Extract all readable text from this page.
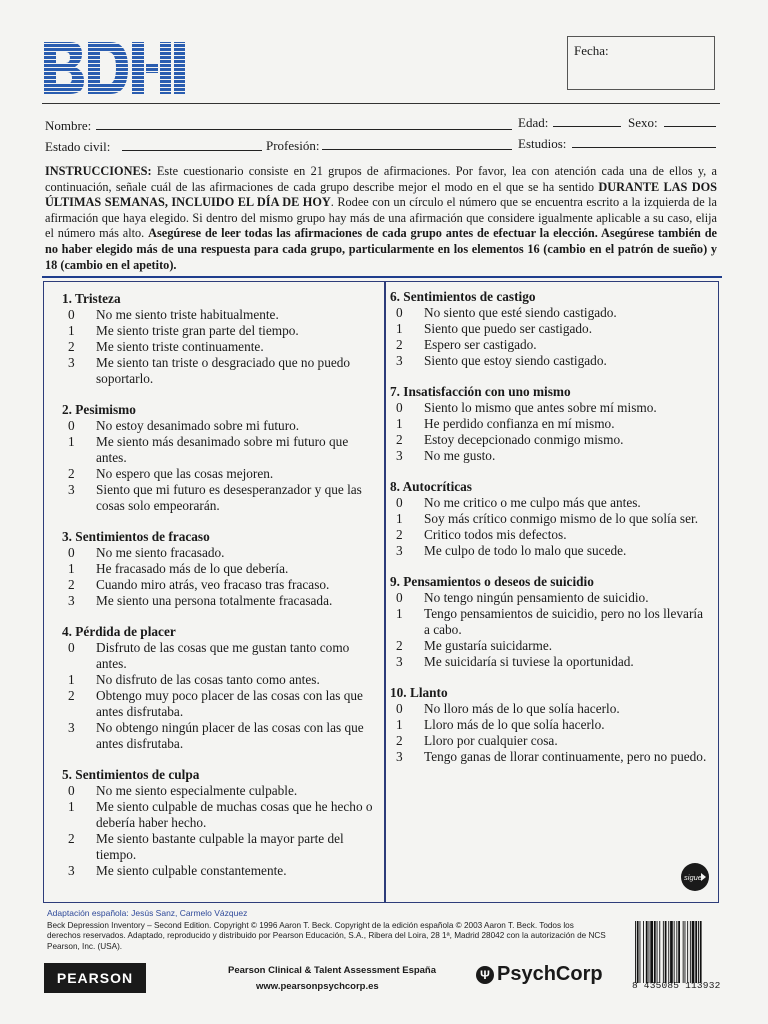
Fecha:
Nombre:	Edad:	Sexo:
Estado civil:	Profesión:	Estudios:
INSTRUCCIONES: Este cuestionario consiste en 21 grupos de afirmaciones. Por favor, lea con atención cada una de ellos y, a continuación, señale cuál de las afirmaciones de cada grupo describe mejor el modo en el que se ha sentido DURANTE LAS DOS ÚLTIMAS SEMANAS, INCLUIDO EL DÍA DE HOY. Rodee con un círculo el número que se encuentra escrito a la izquierda de la afirmación que haya elegido. Si dentro del mismo grupo hay más de una afirmación que considere igualmente aplicable a su caso, elija el número más alto. Asegúrese de leer todas las afirmaciones de cada grupo antes de efectuar la elección. Asegúrese también de no haber elegido más de una respuesta para cada grupo, particularmente en los elementos 16 (cambio en el patrón de sueño) y 18 (cambio en el apetito).
1. Tristeza
0	No me siento triste habitualmente.
1	Me siento triste gran parte del tiempo.
2	Me siento triste continuamente.
3	Me siento tan triste o desgraciado que no puedo soportarlo.
2. Pesimismo
0	No estoy desanimado sobre mi futuro.
1	Me siento más desanimado sobre mi futuro que antes.
2	No espero que las cosas mejoren.
3	Siento que mi futuro es desesperanzador y que las cosas solo empeorarán.
3. Sentimientos de fracaso
0	No me siento fracasado.
1	He fracasado más de lo que debería.
2	Cuando miro atrás, veo fracaso tras fracaso.
3	Me siento una persona totalmente fracasada.
4. Pérdida de placer
0	Disfruto de las cosas que me gustan tanto como antes.
1	No disfruto de las cosas tanto como antes.
2	Obtengo muy poco placer de las cosas con las que antes disfrutaba.
3	No obtengo ningún placer de las cosas con las que antes disfrutaba.
5. Sentimientos de culpa
0	No me siento especialmente culpable.
1	Me siento culpable de muchas cosas que he hecho o debería haber hecho.
2	Me siento bastante culpable la mayor parte del tiempo.
3	Me siento culpable constantemente.
6. Sentimientos de castigo
0	No siento que esté siendo castigado.
1	Siento que puedo ser castigado.
2	Espero ser castigado.
3	Siento que estoy siendo castigado.
7. Insatisfacción con uno mismo
0	Siento lo mismo que antes sobre mí mismo.
1	He perdido confianza en mí mismo.
2	Estoy decepcionado conmigo mismo.
3	No me gusto.
8. Autocríticas
0	No me critico o me culpo más que antes.
1	Soy más crítico conmigo mismo de lo que solía ser.
2	Critico todos mis defectos.
3	Me culpo de todo lo malo que sucede.
9. Pensamientos o deseos de suicidio
0	No tengo ningún pensamiento de suicidio.
1	Tengo pensamientos de suicidio, pero no los llevaría a cabo.
2	Me gustaría suicidarme.
3	Me suicidaría si tuviese la oportunidad.
10. Llanto
0	No lloro más de lo que solía hacerlo.
1	Lloro más de lo que solía hacerlo.
2	Lloro por cualquier cosa.
3	Tengo ganas de llorar continuamente, pero no puedo.
sigue
Adaptación española: Jesús Sanz, Carmelo Vázquez
Beck Depression Inventory – Second Edition. Copyright © 1996 Aaron T. Beck. Copyright de la edición española © 2003 Aaron T. Beck. Todos los derechos reservados. Adaptado, reproducido y distribuido por Pearson Educación, S.A., Ribera del Loira, 28 1ª, Madrid 28042 con la autorización de NCS Pearson, Inc. (USA).
PEARSON	Pearson Clinical & Talent Assessment España
www.pearsonpsychcorp.es
Ψ PsychCorp
8 435085 113932
